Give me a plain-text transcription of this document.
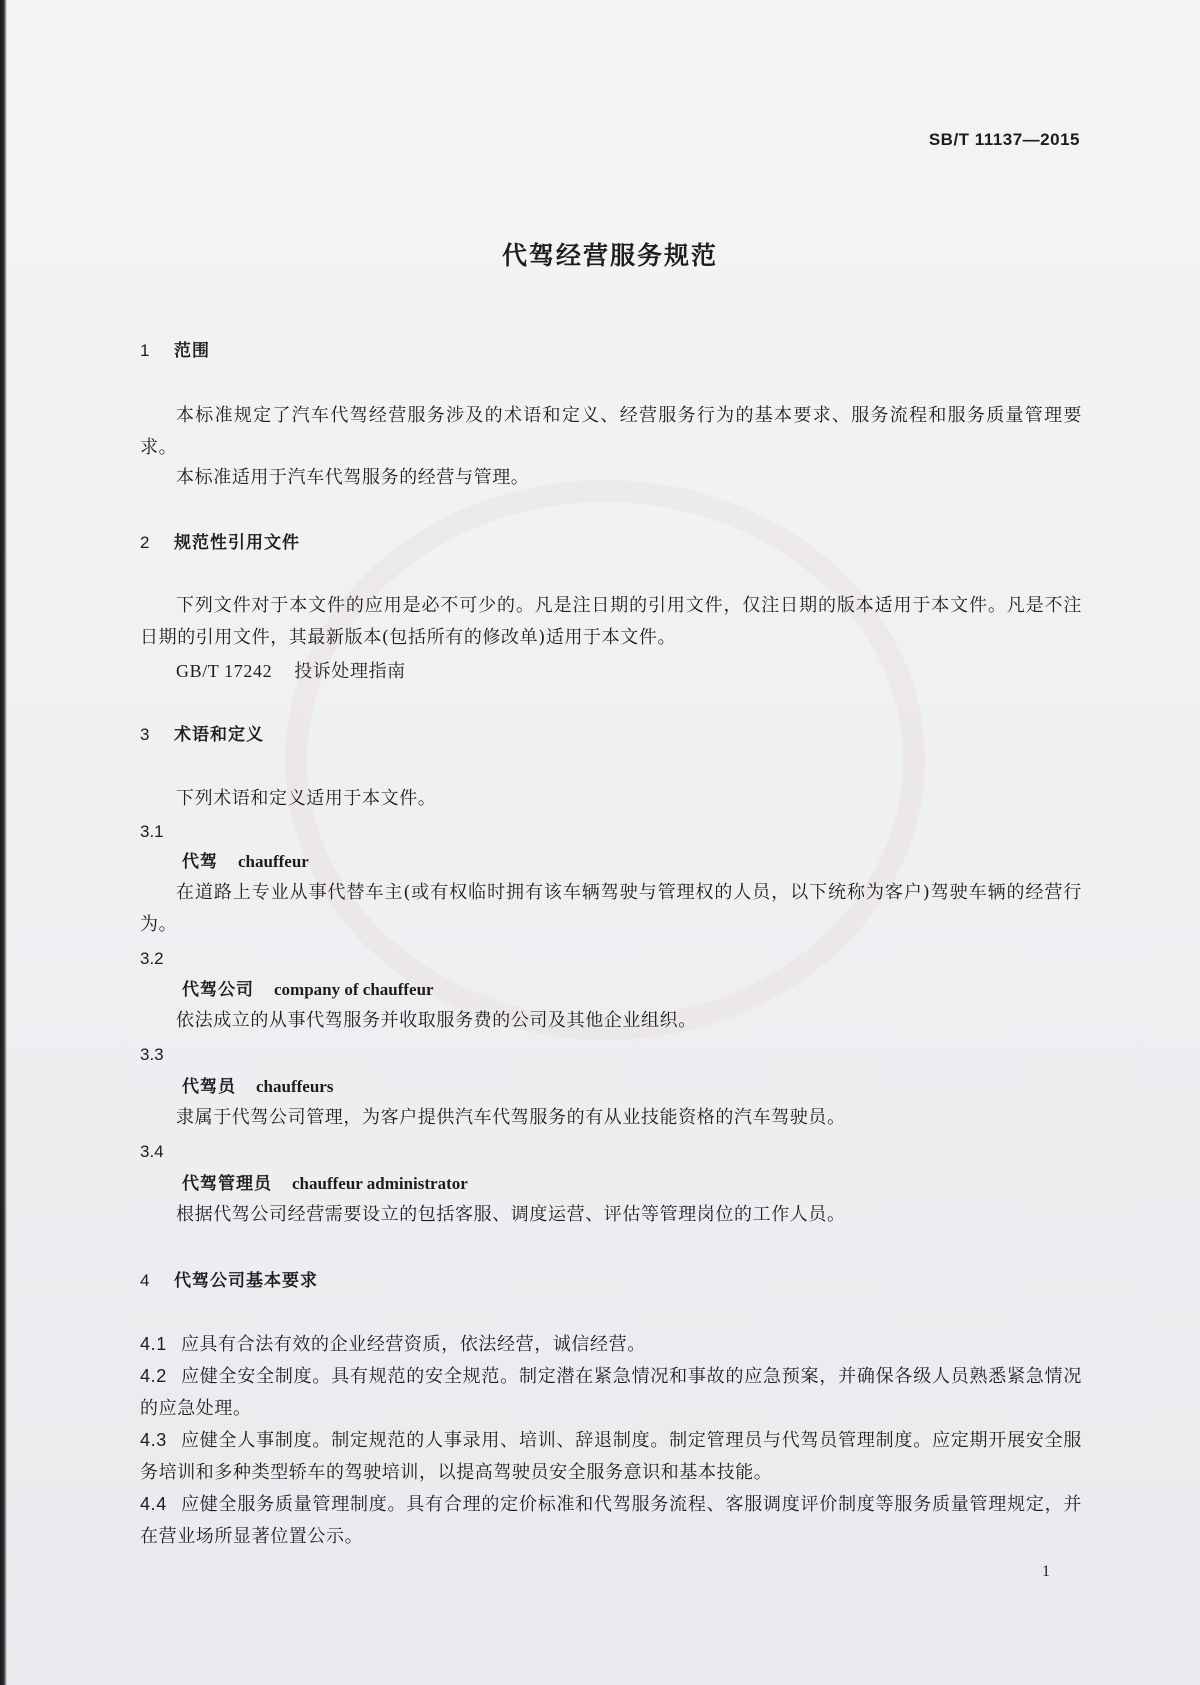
SB/T 11137—2015
代驾经营服务规范
1 范围
本标准规定了汽车代驾经营服务涉及的术语和定义、经营服务行为的基本要求、服务流程和服务质量管理要求。
本标准适用于汽车代驾服务的经营与管理。
2 规范性引用文件
下列文件对于本文件的应用是必不可少的。凡是注日期的引用文件，仅注日期的版本适用于本文件。凡是不注日期的引用文件，其最新版本(包括所有的修改单)适用于本文件。
GB/T 17242 投诉处理指南
3 术语和定义
下列术语和定义适用于本文件。
3.1
代驾 chauffeur
在道路上专业从事代替车主(或有权临时拥有该车辆驾驶与管理权的人员，以下统称为客户)驾驶车辆的经营行为。
3.2
代驾公司 company of chauffeur
依法成立的从事代驾服务并收取服务费的公司及其他企业组织。
3.3
代驾员 chauffeurs
隶属于代驾公司管理，为客户提供汽车代驾服务的有从业技能资格的汽车驾驶员。
3.4
代驾管理员 chauffeur administrator
根据代驾公司经营需要设立的包括客服、调度运营、评估等管理岗位的工作人员。
4 代驾公司基本要求
4.1 应具有合法有效的企业经营资质，依法经营，诚信经营。
4.2 应健全安全制度。具有规范的安全规范。制定潜在紧急情况和事故的应急预案，并确保各级人员熟悉紧急情况的应急处理。
4.3 应健全人事制度。制定规范的人事录用、培训、辞退制度。制定管理员与代驾员管理制度。应定期开展安全服务培训和多种类型轿车的驾驶培训，以提高驾驶员安全服务意识和基本技能。
4.4 应健全服务质量管理制度。具有合理的定价标准和代驾服务流程、客服调度评价制度等服务质量管理规定，并在营业场所显著位置公示。
1
